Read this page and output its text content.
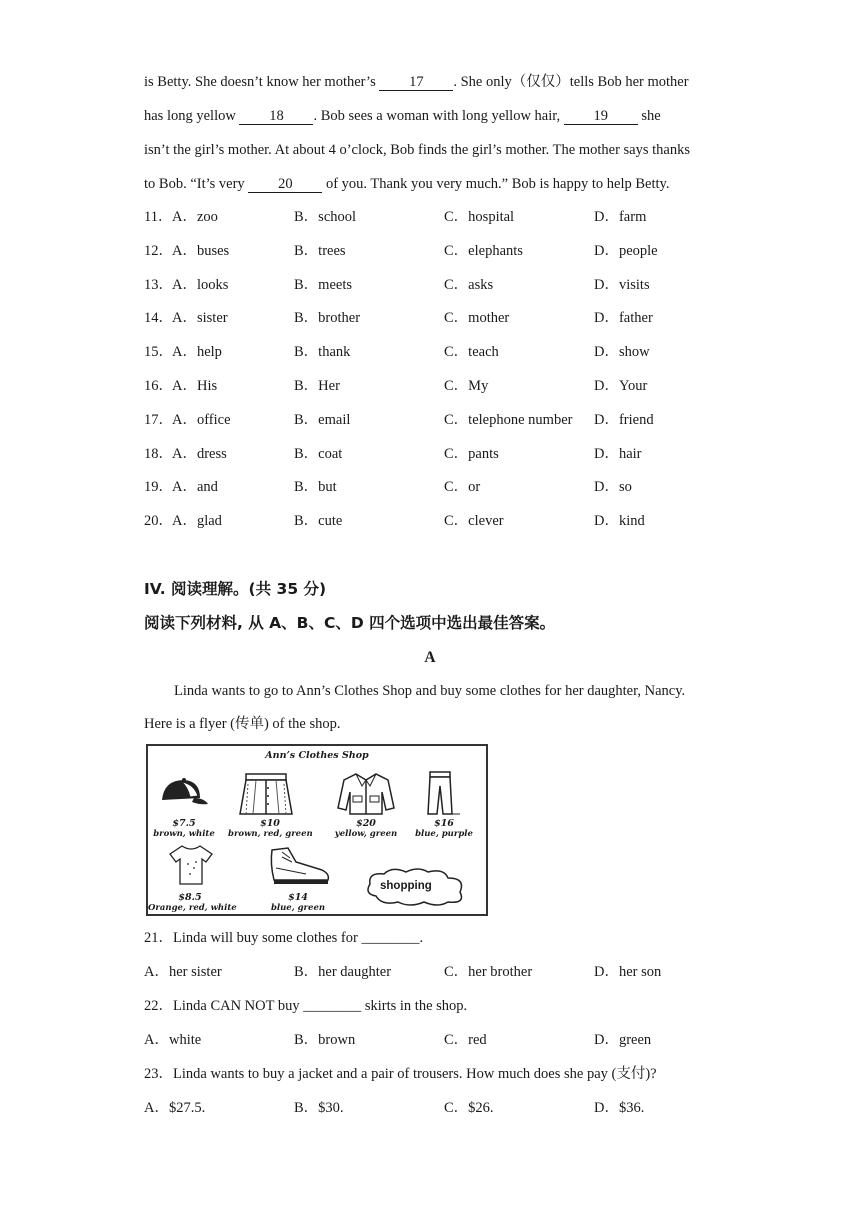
is Betty. She doesn’t know her mother’s 17 . She only（仅仅）tells Bob her mother
has long yellow 18 . Bob sees a woman with long yellow hair, 19 she
isn’t the girl’s mother. At about 4 o’clock, Bob finds the girl’s mother. The mother says thanks
to Bob. “It’s very 20 of you. Thank you very much.” Bob is happy to help Betty.
11． A．zoo	B．school	C．hospital	D．farm
12． A．buses	B．trees	C．elephants	D．people
13． A．looks	B．meets	C．asks	D．visits
14． A．sister	B．brother	C．mother	D．father
15． A．help	B．thank	C．teach	D．show
16． A．His	B．Her	C．My	D．Your
17． A．office	B．email	C．telephone number D．friend
18． A．dress	B．coat	C．pants	D．hair
19． A．and	B．but	C．or	D．so
20． A．glad	B．cute	C．clever	D．kind
IV. 阅读理解。(共 35 分)
阅读下列材料, 从 A、B、C、D 四个选项中选出最佳答案。
A
Linda wants to go to Ann’s Clothes Shop and buy some clothes for her daughter, Nancy.
Here is a flyer (传单) of the shop.
Ann’s Clothes Shop
$7.5
brown, white
$10
brown, red, green
$20
yellow, green
$16
blue, purple
$8.5
Orange, red, white
$14
blue, green
shopping
21．Linda will buy some clothes for ________.
A．her sister	B．her daughter	C．her brother	D．her son
22．Linda CAN NOT buy ________ skirts in the shop.
A．white	B．brown	C．red	D．green
23．Linda wants to buy a jacket and a pair of trousers. How much does she pay (支付)?
A．$27.5.	B．$30.	C．$26.	D．$36.
